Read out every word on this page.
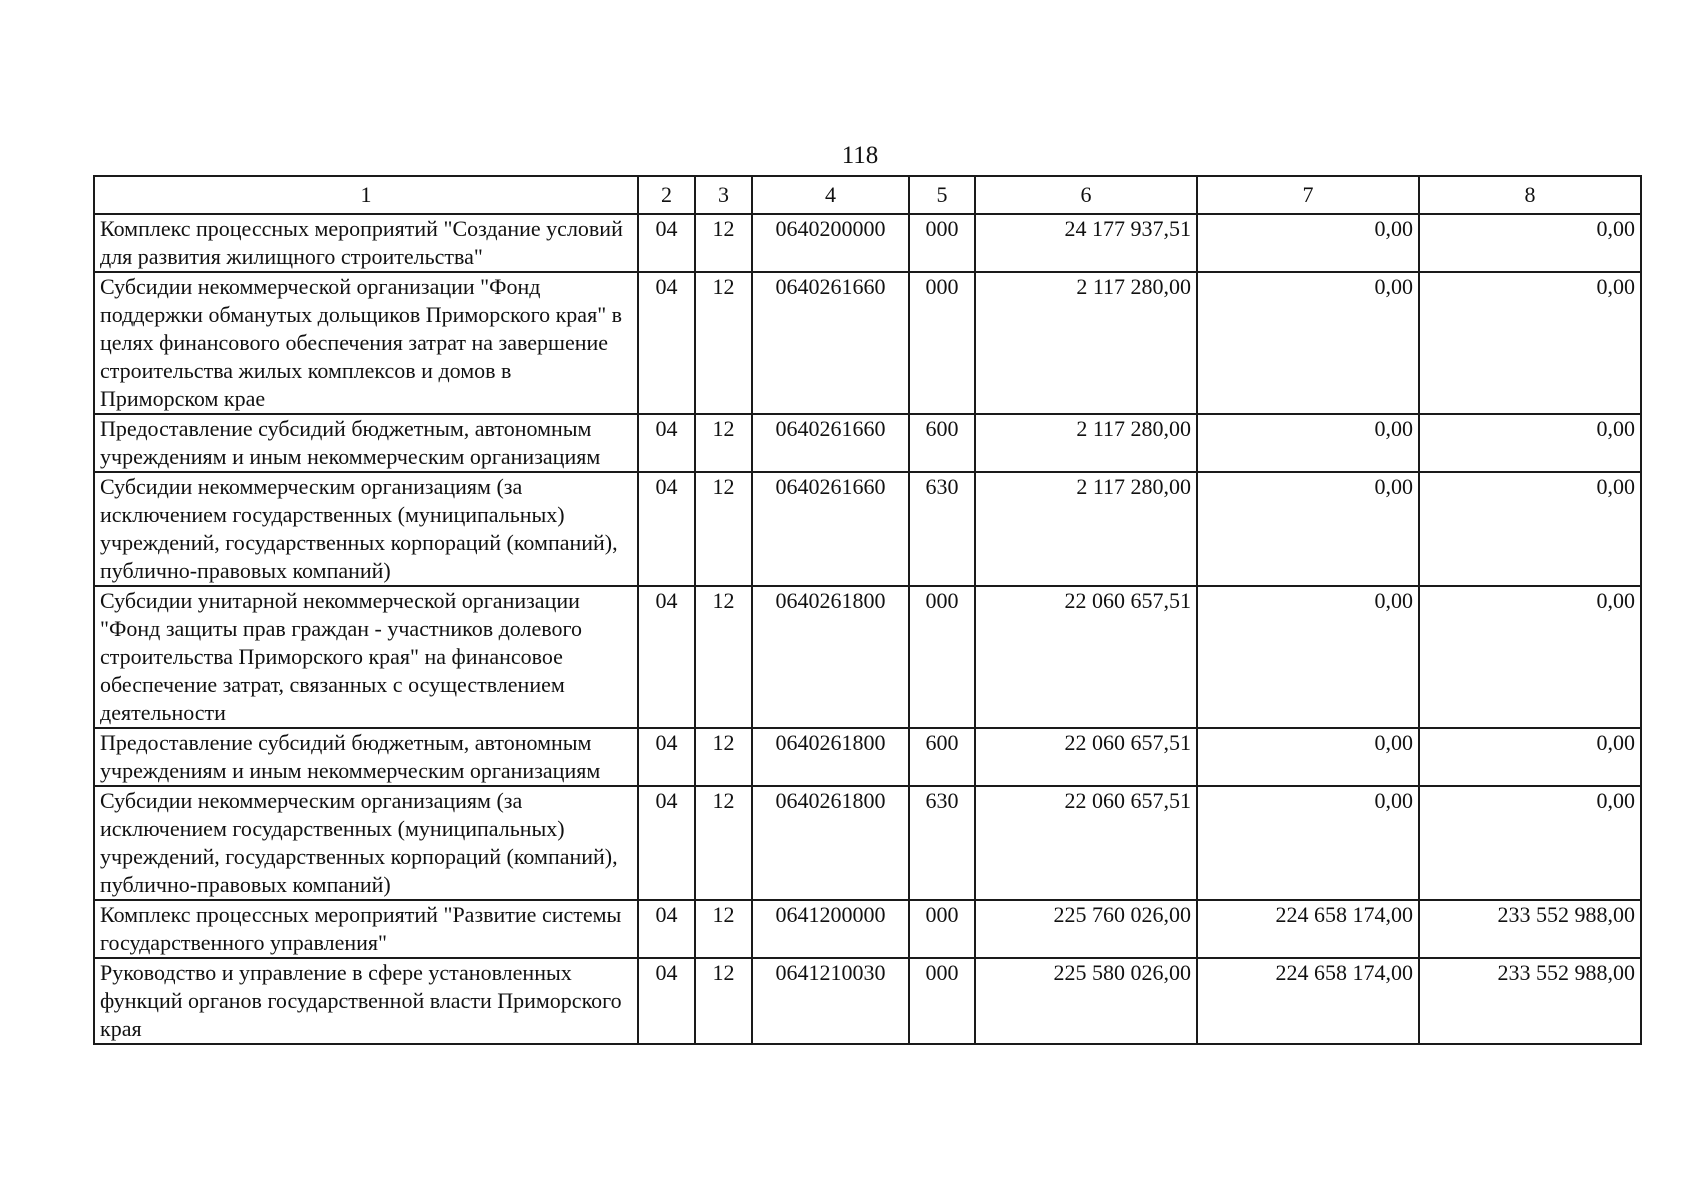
118
1	2	3	4	5	6	7	8
Комплекс процессных мероприятий "Создание условий для развития жилищного строительства"	04	12	0640200000	000	24 177 937,51	0,00	0,00
Субсидии некоммерческой организации "Фонд поддержки обманутых дольщиков Приморского края" в целях финансового обеспечения затрат на завершение строительства жилых комплексов и домов в Приморском крае	04	12	0640261660	000	2 117 280,00	0,00	0,00
Предоставление субсидий бюджетным, автономным учреждениям и иным некоммерческим организациям	04	12	0640261660	600	2 117 280,00	0,00	0,00
Субсидии некоммерческим организациям (за исключением государственных (муниципальных) учреждений, государственных корпораций (компаний), публично-правовых компаний)	04	12	0640261660	630	2 117 280,00	0,00	0,00
Субсидии унитарной некоммерческой организации "Фонд защиты прав граждан - участников долевого строительства Приморского края" на финансовое обеспечение затрат, связанных с осуществлением деятельности	04	12	0640261800	000	22 060 657,51	0,00	0,00
Предоставление субсидий бюджетным, автономным учреждениям и иным некоммерческим организациям	04	12	0640261800	600	22 060 657,51	0,00	0,00
Субсидии некоммерческим организациям (за исключением государственных (муниципальных) учреждений, государственных корпораций (компаний), публично-правовых компаний)	04	12	0640261800	630	22 060 657,51	0,00	0,00
Комплекс процессных мероприятий "Развитие системы государственного управления"	04	12	0641200000	000	225 760 026,00	224 658 174,00	233 552 988,00
Руководство и управление в сфере установленных функций органов государственной власти Приморского края	04	12	0641210030	000	225 580 026,00	224 658 174,00	233 552 988,00
